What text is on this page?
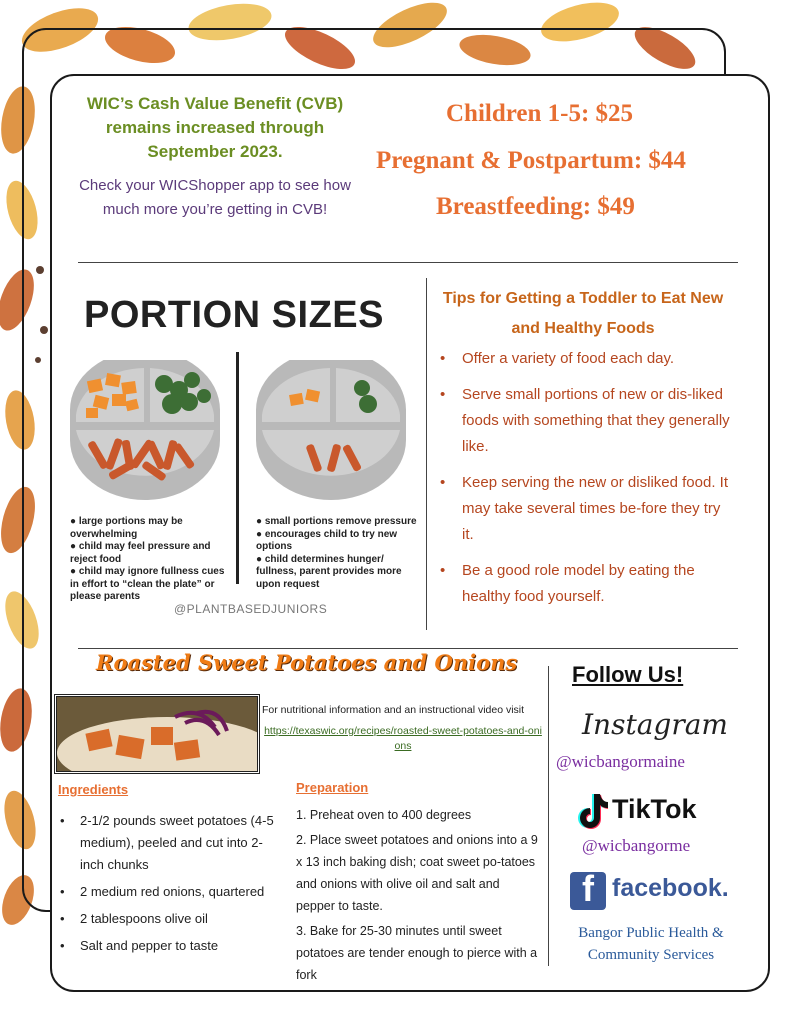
WIC’s Cash Value Benefit (CVB) remains increased through September 2023.
Check your WICShopper app to see how much more you’re getting in CVB!
Children 1-5: $25
Pregnant & Postpartum: $44
Breastfeeding: $49
PORTION SIZES
● large portions may be overwhelming
● child may feel pressure and reject food
● child may ignore fullness cues in effort to “clean the plate” or please parents
● small portions remove pressure
● encourages child to try new options
● child determines hunger/ fullness, parent provides more upon request
@PLANTBASEDJUNIORS
Tips for Getting a Toddler to Eat New and Healthy Foods
• Offer a variety of food each day.
• Serve small portions of new or dis-liked foods with something that they generally like.
• Keep serving the new or disliked food. It may take several times be-fore they try it.
• Be a good role model by eating the healthy food yourself.
Roasted Sweet Potatoes and Onions
For nutritional information and an instructional video visit
https://texaswic.org/recipes/roasted-sweet-potatoes-and-onions
Ingredients
• 2-1/2 pounds sweet potatoes (4-5 medium), peeled and cut into 2-inch chunks
• 2 medium red onions, quartered
• 2 tablespoons olive oil
• Salt and pepper to taste
Preparation
1. Preheat oven to 400 degrees
2. Place sweet potatoes and onions into a 9 x 13 inch baking dish; coat sweet po-tatoes and onions with olive oil and salt and pepper to taste.
3. Bake for 25-30 minutes until sweet potatoes are tender enough to pierce with a fork
Follow Us!
Instagram
@wicbangormaine
TikTok
@wicbangorme
f facebook.
Bangor Public Health & Community Services
